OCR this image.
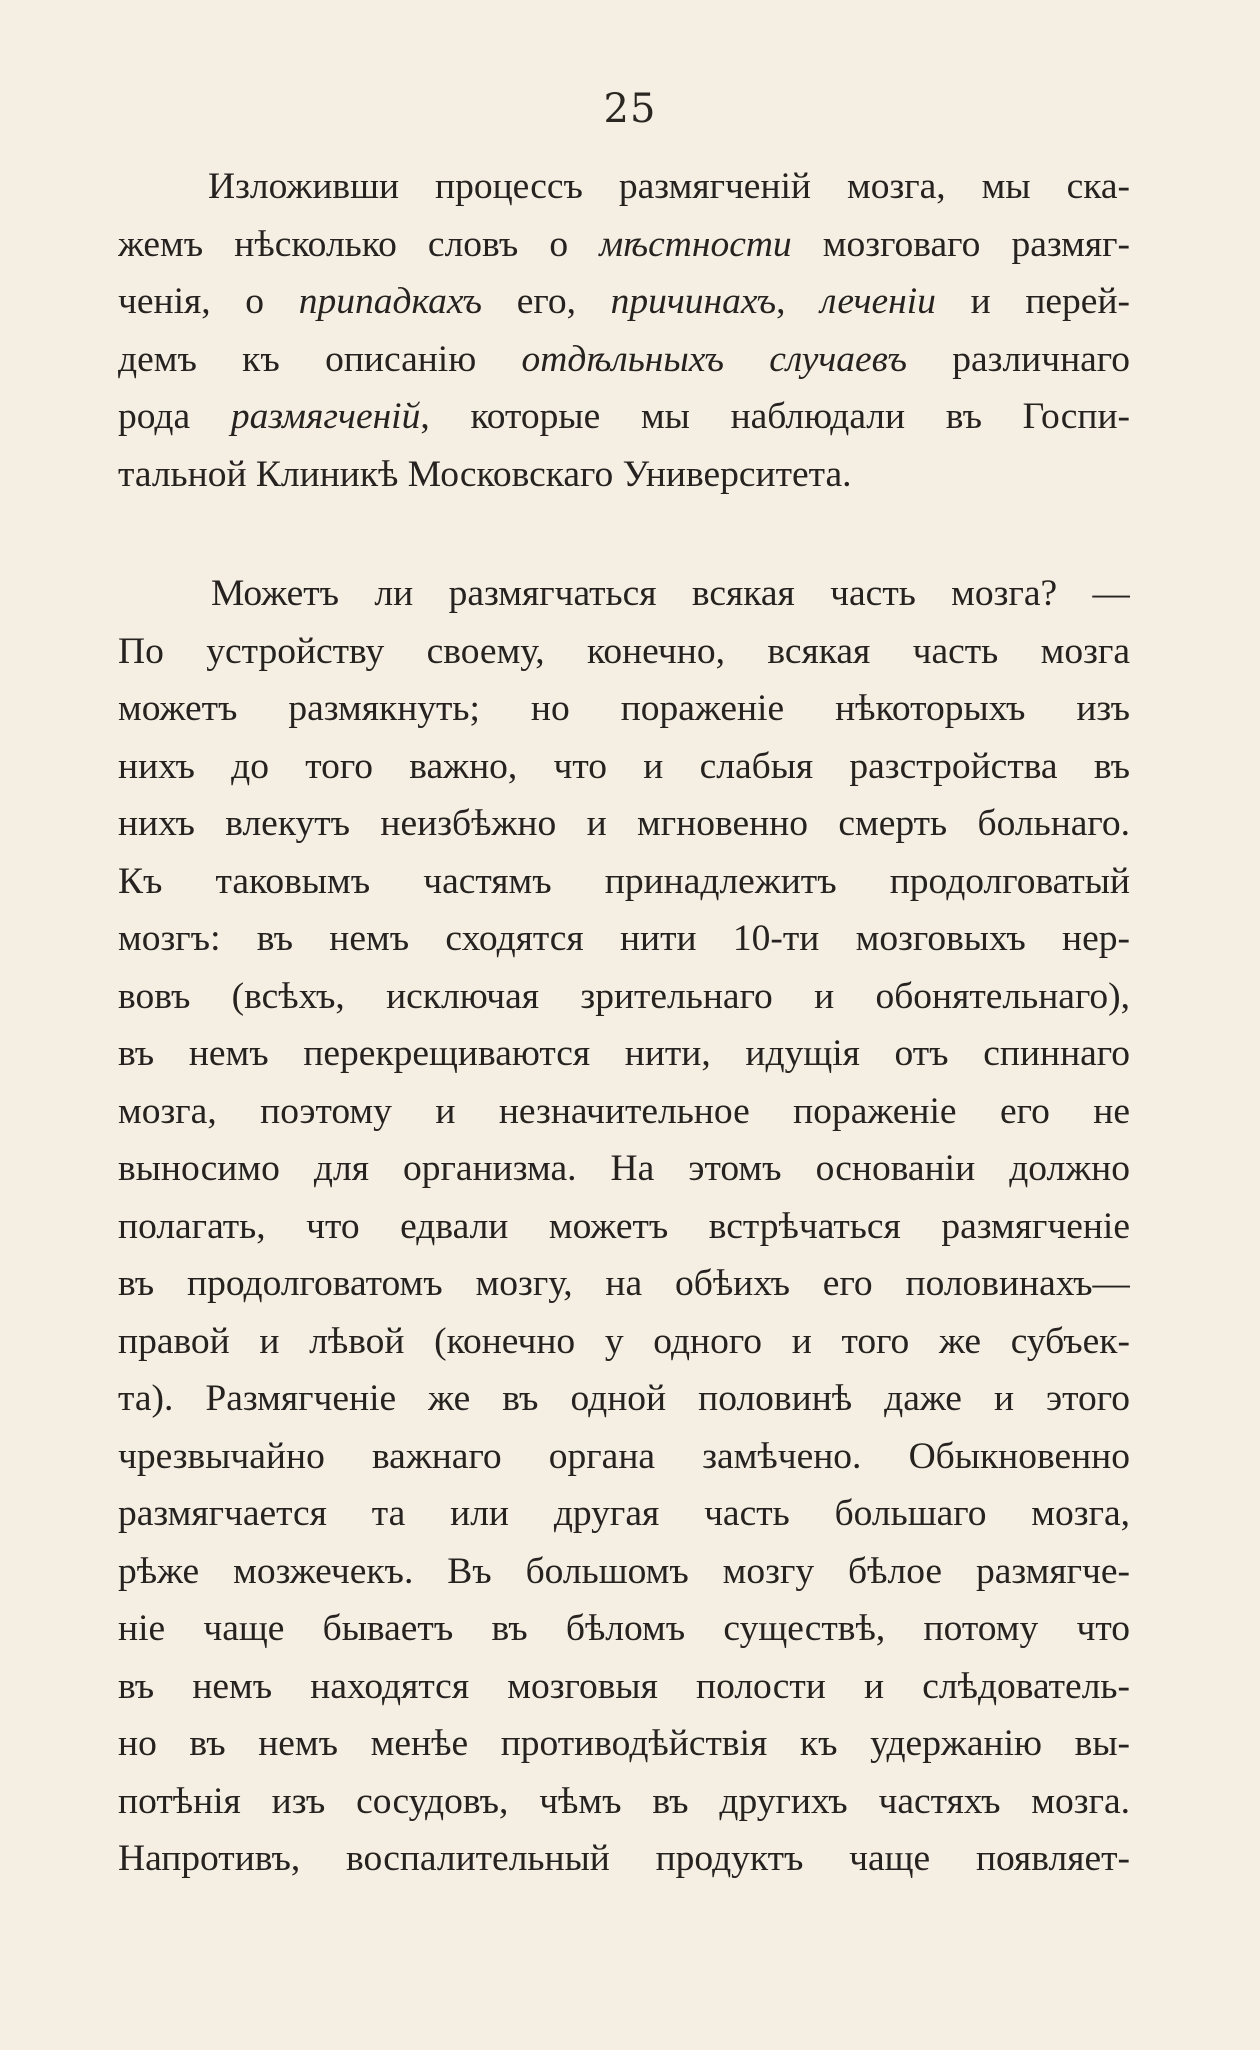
25
Изложивши процессъ размягченій мозга, мы ска-
жемъ нѣсколько словъ о мѣстности мозговаго размяг-
ченія, о припадкахъ его, причинахъ, леченіи и перей-
демъ къ описанію отдѣльныхъ случаевъ различнаго
рода размягченій, которые мы наблюдали въ Госпи-
тальной Клиникѣ Московскаго Университета.
Можетъ ли размягчаться всякая часть мозга? —
По устройству своему, конечно, всякая часть мозга
можетъ размякнуть; но пораженіе нѣкоторыхъ изъ
нихъ до того важно, что и слабыя разстройства въ
нихъ влекутъ неизбѣжно и мгновенно смерть больнаго.
Къ таковымъ частямъ принадлежитъ продолговатый
мозгъ: въ немъ сходятся нити 10-ти мозговыхъ нер-
вовъ (всѣхъ, исключая зрительнаго и обонятельнаго),
въ немъ перекрещиваются нити, идущія отъ спиннаго
мозга, поэтому и незначительное пораженіе его не
выносимо для организма. На этомъ основаніи должно
полагать, что едвали можетъ встрѣчаться размягченіе
въ продолговатомъ мозгу, на обѣихъ его половинахъ—
правой и лѣвой (конечно у одного и того же субъек-
та). Размягченіе же въ одной половинѣ даже и этого
чрезвычайно важнаго органа замѣчено. Обыкновенно
размягчается та или другая часть большаго мозга,
рѣже мозжечекъ. Въ большомъ мозгу бѣлое размягче-
ніе чаще бываетъ въ бѣломъ существѣ, потому что
въ немъ находятся мозговыя полости и слѣдователь-
но въ немъ менѣе противодѣйствія къ удержанію вы-
потѣнія изъ сосудовъ, чѣмъ въ другихъ частяхъ мозга.
Напротивъ, воспалительный продуктъ чаще появляет-
